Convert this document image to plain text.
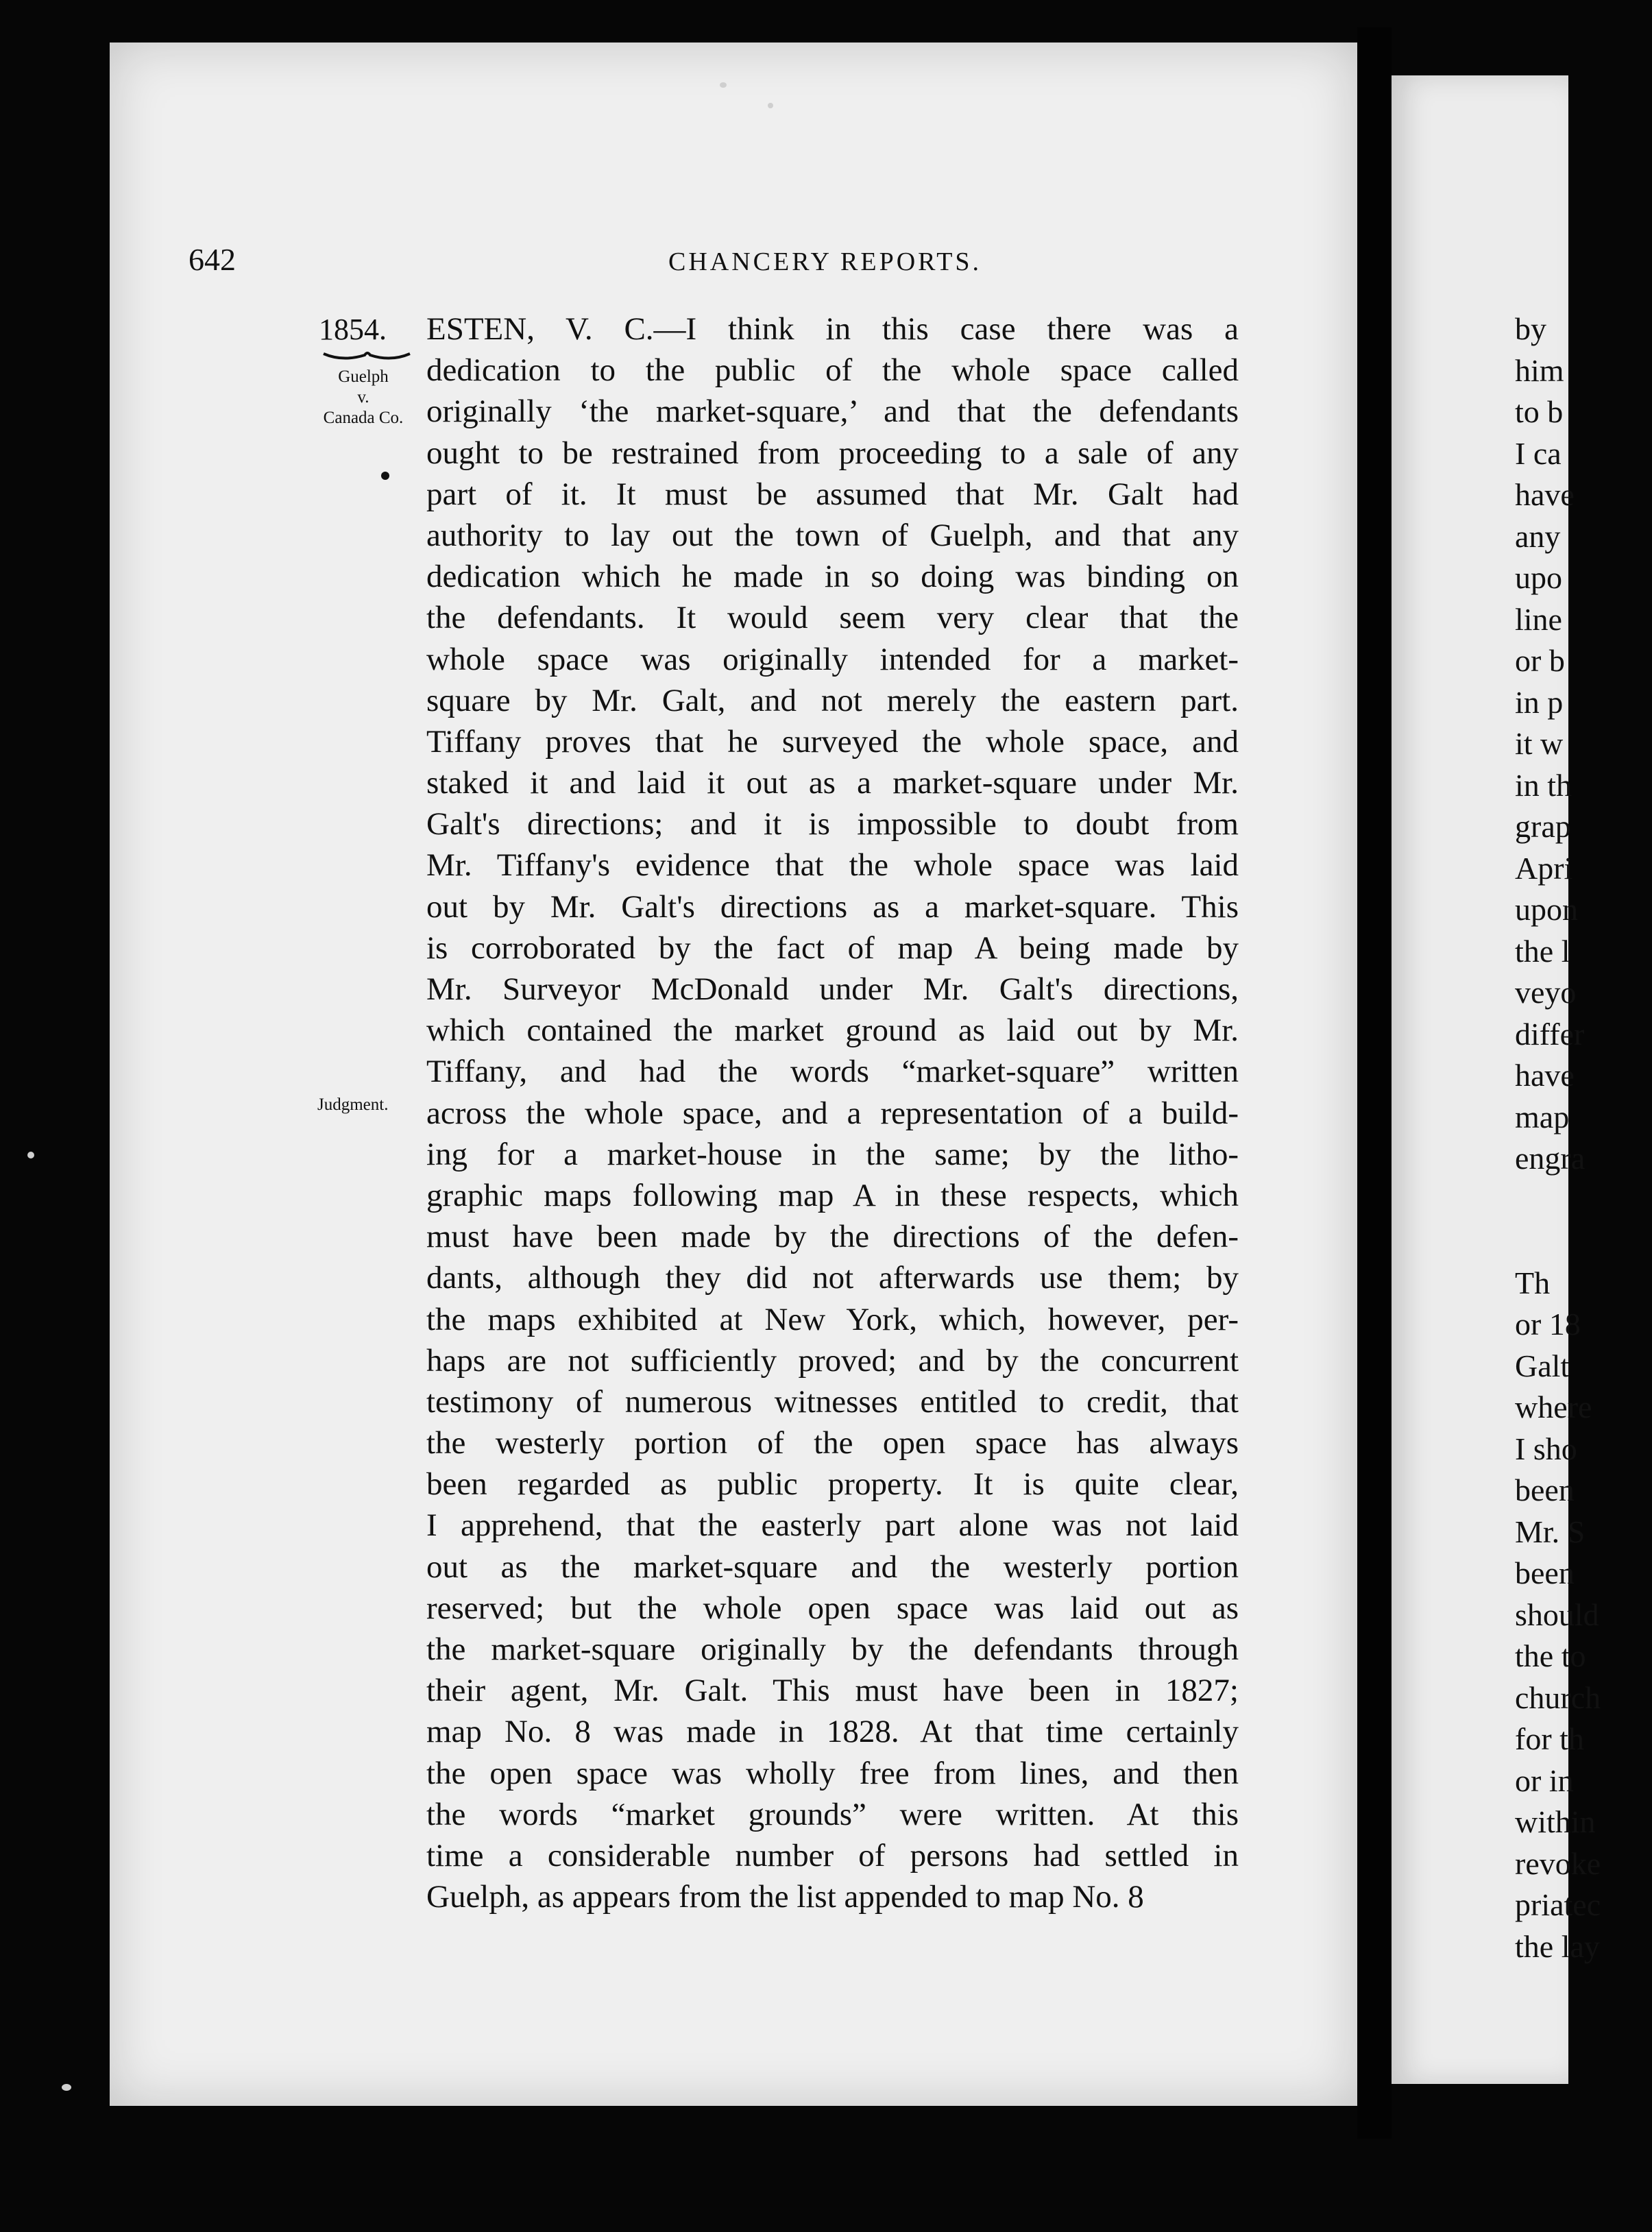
642	CHANCERY REPORTS.
1854.
Guelph
v.
Canada Co.
Judgment.
ESTEN, V. C.—I think in this case there was a
dedication to the public of the whole space called
originally ‘the market-square,’ and that the defendants
ought to be restrained from proceeding to a sale of any
part of it. It must be assumed that Mr. Galt had
authority to lay out the town of Guelph, and that any
dedication which he made in so doing was binding on
the defendants. It would seem very clear that the
whole space was originally intended for a market-
square by Mr. Galt, and not merely the eastern part.
Tiffany proves that he surveyed the whole space, and
staked it and laid it out as a market-square under Mr.
Galt's directions; and it is impossible to doubt from
Mr. Tiffany's evidence that the whole space was laid
out by Mr. Galt's directions as a market-square. This
is corroborated by the fact of map A being made by
Mr. Surveyor McDonald under Mr. Galt's directions,
which contained the market ground as laid out by Mr.
Tiffany, and had the words “market-square” written
across the whole space, and a representation of a build-
ing for a market-house in the same; by the litho-
graphic maps following map A in these respects, which
must have been made by the directions of the defen-
dants, although they did not afterwards use them; by
the maps exhibited at New York, which, however, per-
haps are not sufficiently proved; and by the concurrent
testimony of numerous witnesses entitled to credit, that
the westerly portion of the open space has always
been regarded as public property. It is quite clear,
I apprehend, that the easterly part alone was not laid
out as the market-square and the westerly portion
reserved; but the whole open space was laid out as
the market-square originally by the defendants through
their agent, Mr. Galt. This must have been in 1827;
map No. 8 was made in 1828. At that time certainly
the open space was wholly free from lines, and then
the words “market grounds” were written. At this
time a considerable number of persons had settled in
Guelph, as appears from the list appended to map No. 8
by
him
to b
I ca
have
any
upo
line
or b
in p
it w
in th
grap
Apri
upon
the l
veyo
differ
have
map
engra
Th
or 18
Galt
where
I sho
been
Mr. S
been
should
the to
church
for th
or in
within
revoke
priatec
the lay
